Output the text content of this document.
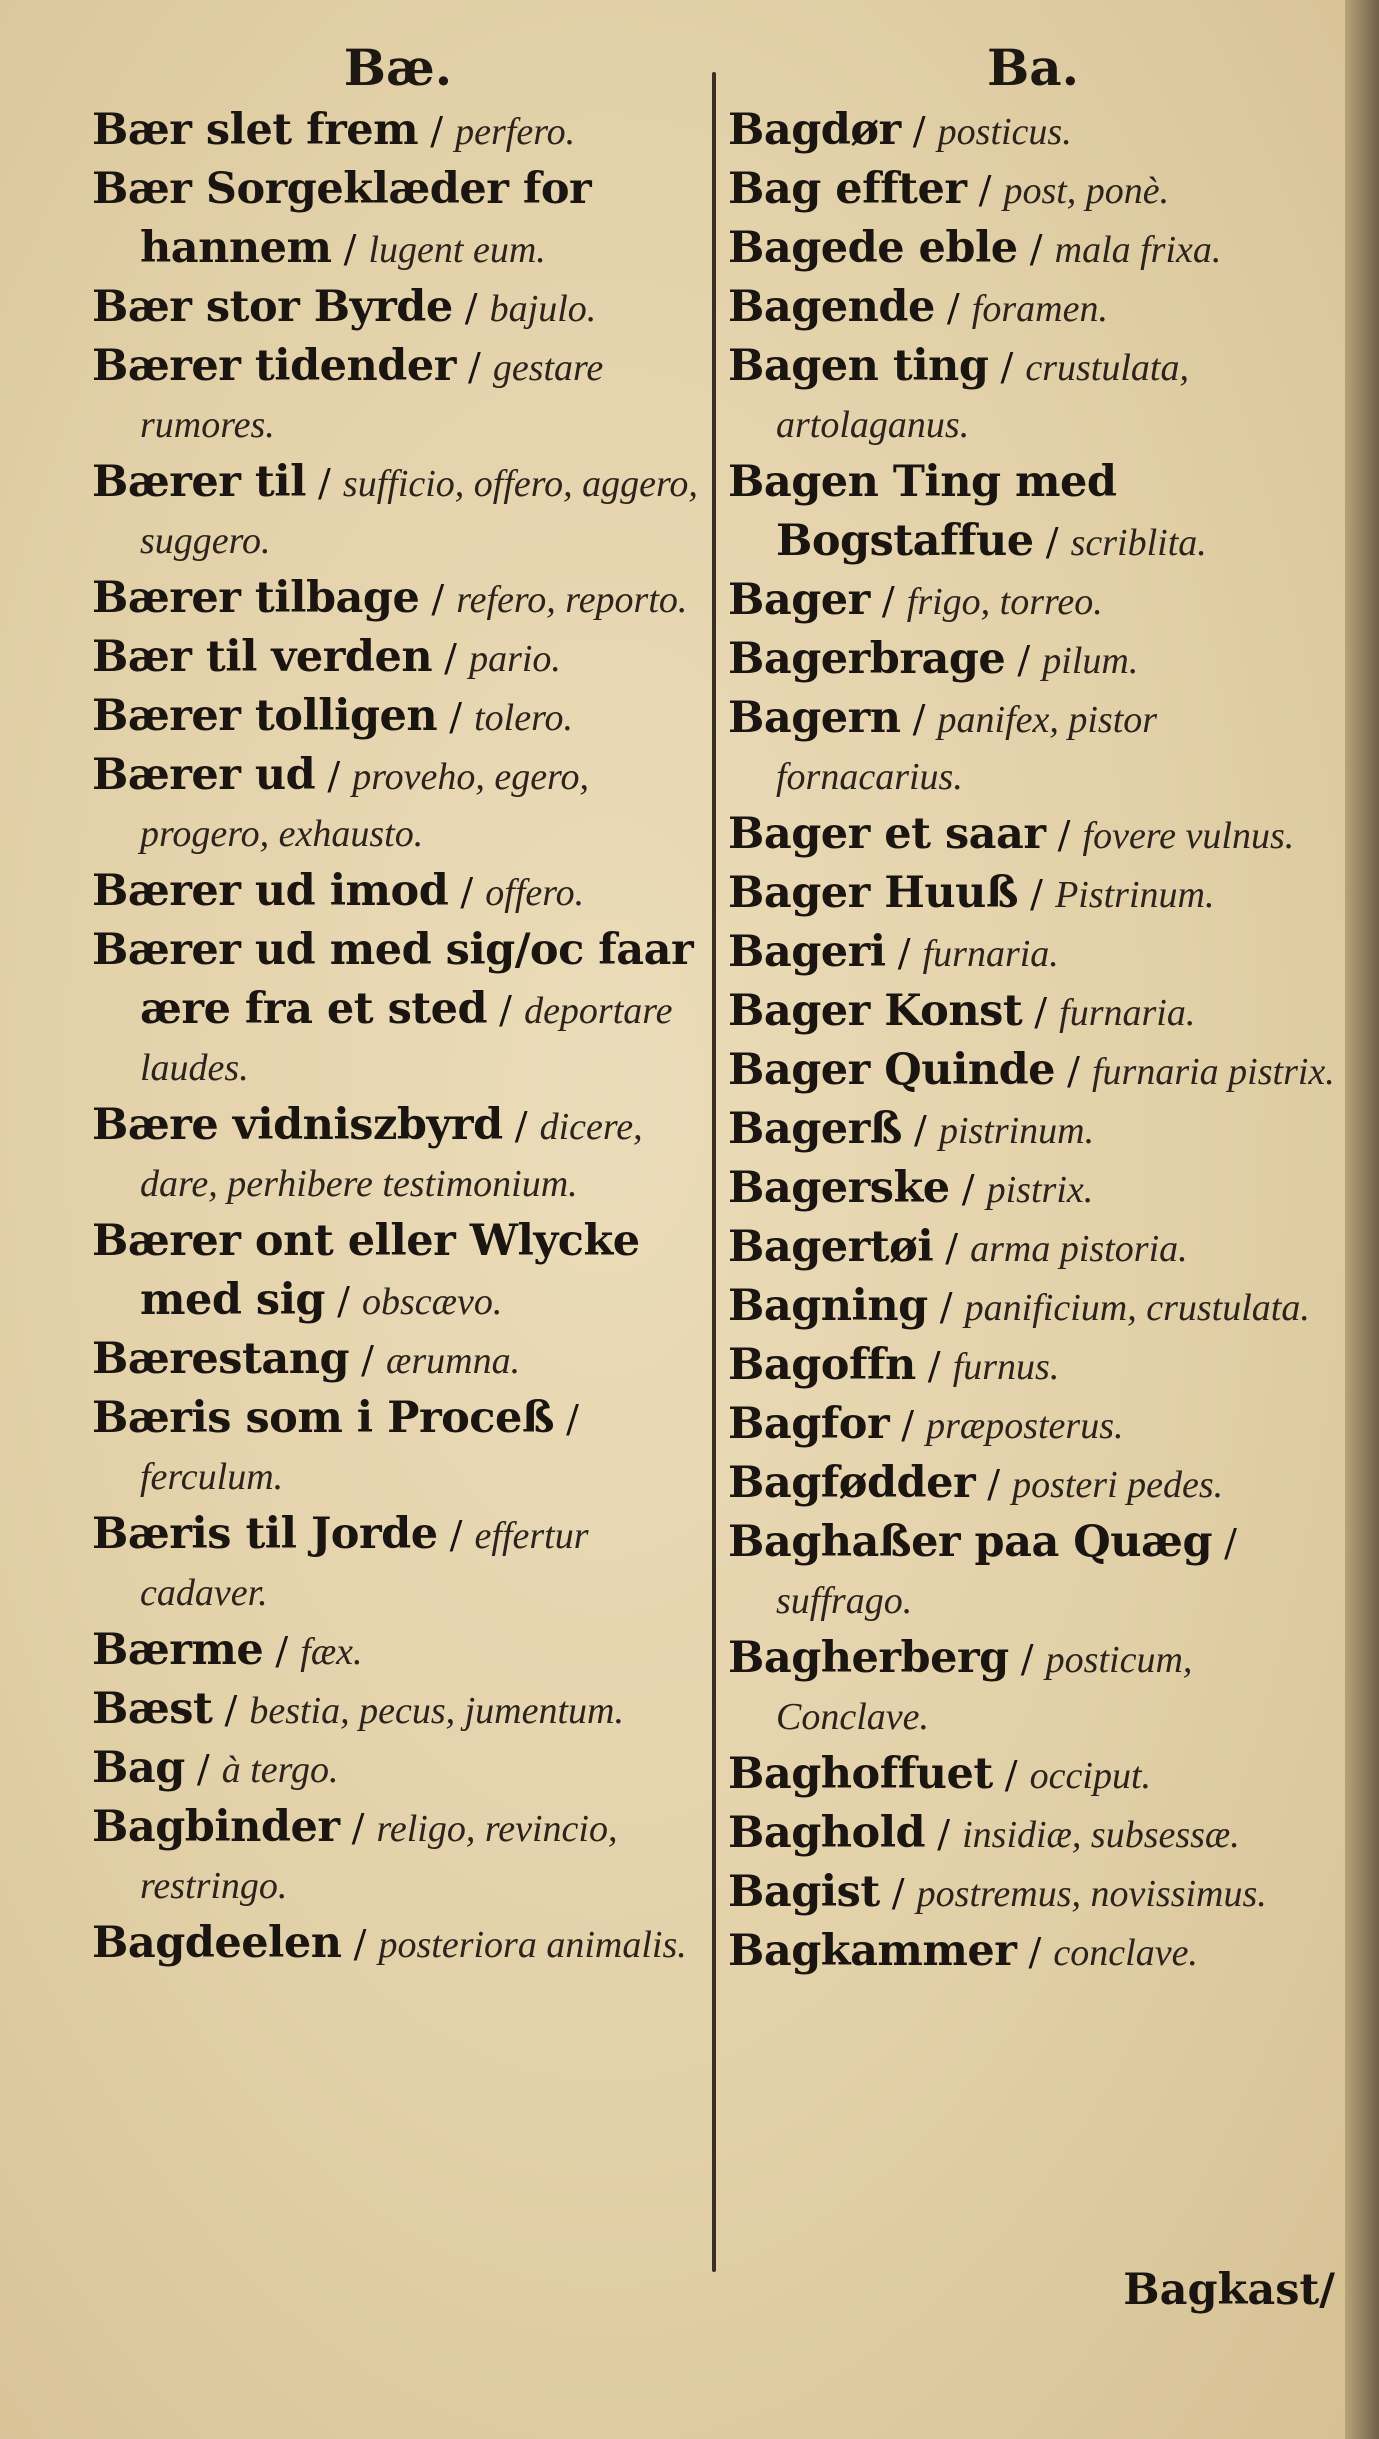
Bæ.

Bær slet frem / perfero.

Bær Sorgeklæder for hannem / lugent eum.

Bær stor Byrde / bajulo.

Bærer tidender / gestare rumores.

Bærer til / sufficio, offero, aggero, suggero.

Bærer tilbage / refero, reporto.

Bær til verden / pario.

Bærer tolligen / tolero.

Bærer ud / proveho, egero, progero, exhausto.

Bærer ud imod / offero.

Bærer ud med sig/oc faar ære fra et sted / deportare laudes.

Bære vidniszbyrd / dicere, dare, perhibere testimonium.

Bærer ont eller Wlycke med sig / obscævo.

Bærestang / ærumna.

Bæris som i Proceß / ferculum.

Bæris til Jorde / effertur cadaver.

Bærme / fæx.

Bæst / bestia, pecus, jumentum.

Bag / à tergo.

Bagbinder / religo, revincio, restringo.

Bagdeelen / posteriora animalis.

Ba.

Bagdør / posticus.

Bag effter / post, ponè.

Bagede eble / mala frixa.

Bagende / foramen.

Bagen ting / crustulata, artolaganus.

Bagen Ting med Bogstaffue / scriblita.

Bager / frigo, torreo.

Bagerbrage / pilum.

Bagern / panifex, pistor fornacarius.

Bager et saar / fovere vulnus.

Bager Huuß / Pistrinum.

Bageri / furnaria.

Bager Konst / furnaria.

Bager Quinde / furnaria pistrix.

Bagerß / pistrinum.

Bagerske / pistrix.

Bagertøi / arma pistoria.

Bagning / panificium, crustulata.

Bagoffn / furnus.

Bagfor / præposterus.

Bagfødder / posteri pedes.

Baghaßer paa Quæg / suffrago.

Bagherberg / posticum, Conclave.

Baghoffuet / occiput.

Baghold / insidiæ, subsessæ.

Bagist / postremus, novissimus.

Bagkammer / conclave.

Bagkast/
